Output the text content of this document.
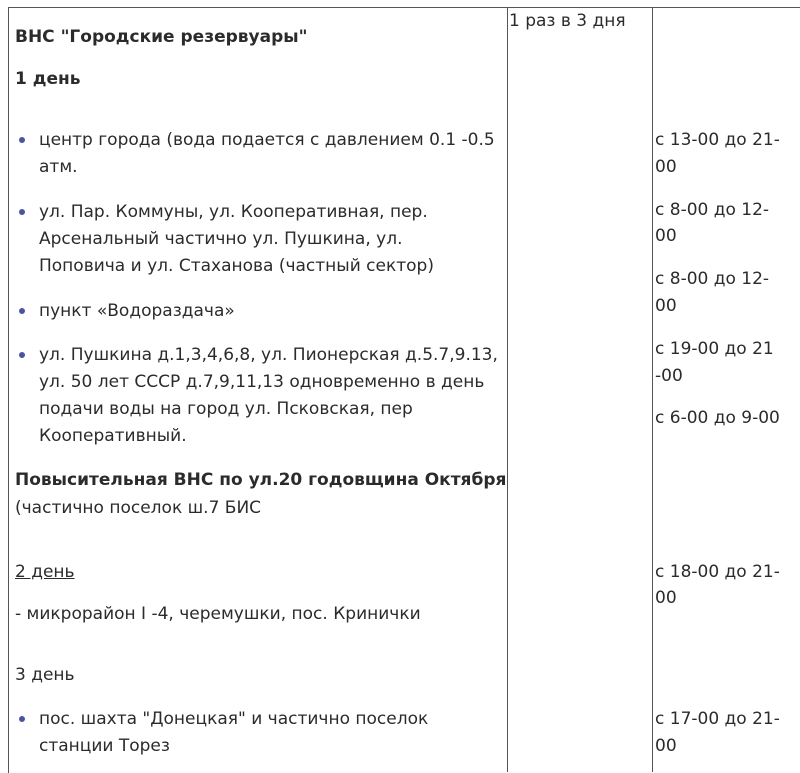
1 раз в 3 дня
ВНС "Городские резервуары"
1 день
центр города (вода подается с давлением 0.1 -0.5
атм.
ул. Пар. Коммуны, ул. Кооперативная, пер.
Арсенальный частично ул. Пушкина, ул.
Поповича и ул. Стаханова (частный сектор)
пункт «Водораздача»
ул. Пушкина д.1,3,4,6,8, ул. Пионерская д.5.7,9.13,
ул. 50 лет СССР д.7,9,11,13 одновременно в день
подачи воды на город ул. Псковская, пер
Кооперативный.
с 13-00 до 21-
00
с 8-00 до 12-
00
с 8-00 до 12-
00
с 19-00 до 21
-00
с 6-00 до 9-00
Повысительная ВНС по ул.20 годовщина Октября
(частично поселок ш.7 БИС
2 день
- микрорайон I -4, черемушки, пос. Кринички
с 18-00 до 21-
00
3 день
пос. шахта "Донецкая" и частично поселок
станции Торез
с 17-00 до 21-
00
